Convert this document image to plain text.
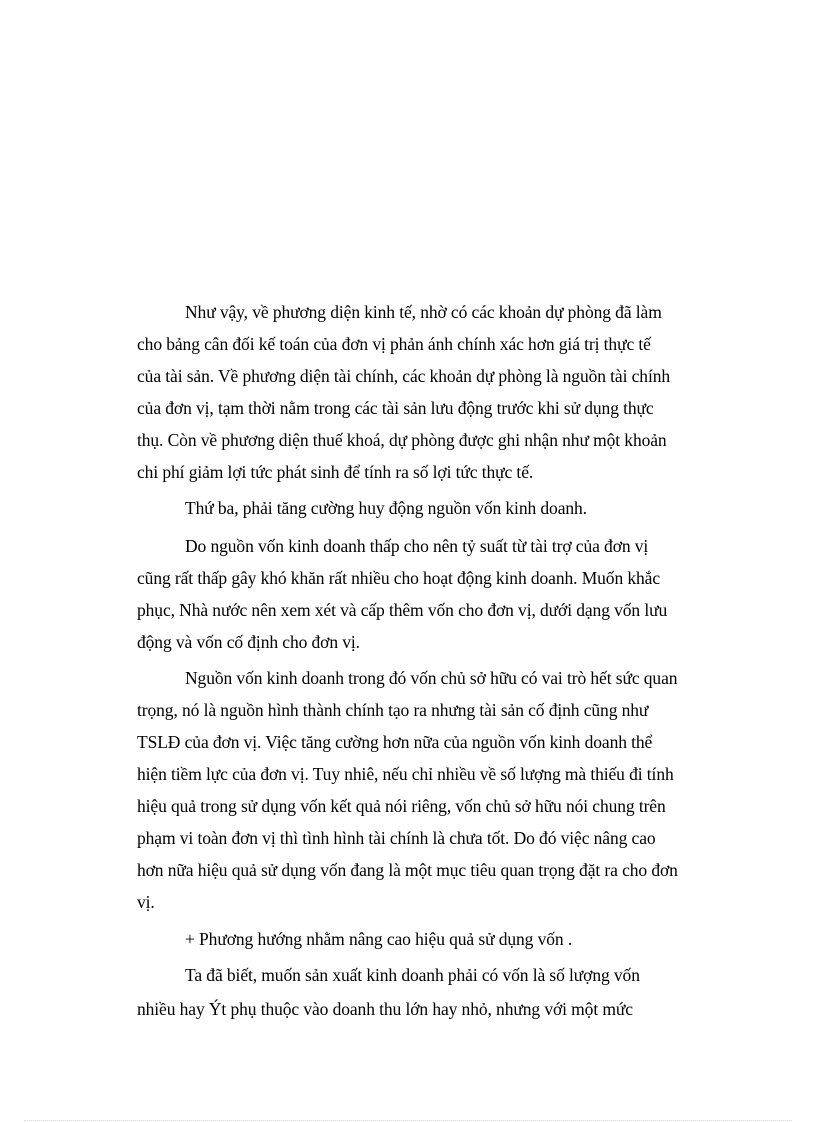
Như vậy, về phương diện kinh tế, nhờ có các khoản dự phòng đã làm
cho bảng cân đối kế toán của đơn vị phản ánh chính xác hơn giá trị thực tế
của tài sản. Về phương diện tài chính, các khoản dự phòng là nguồn tài chính
của đơn vị, tạm thời nằm trong các tài sản lưu động trước khi sử dụng thực
thụ. Còn về phương diện thuế khoá, dự phòng được ghi nhận như một khoản
chi phí giảm lợi tức phát sinh để tính ra số lợi tức thực tế.
Thứ ba, phải tăng cường huy động nguồn vốn kinh doanh.
Do nguồn vốn kinh doanh thấp cho nên tỷ suất từ tài trợ của đơn vị
cũng rất thấp gây khó khăn rất nhiều cho hoạt động kinh doanh. Muốn khắc
phục, Nhà nước nên xem xét và cấp thêm vốn cho đơn vị, dưới dạng vốn lưu
động và vốn cố định cho đơn vị.
Nguồn vốn kinh doanh trong đó vốn chủ sở hữu có vai trò hết sức quan
trọng, nó là nguồn hình thành chính tạo ra nhưng tài sản cố định cũng như
TSLĐ của đơn vị. Việc tăng cường hơn nữa của nguồn vốn kinh doanh thể
hiện tiềm lực của đơn vị. Tuy nhiê, nếu chỉ nhiều về số lượng mà thiếu đi tính
hiệu quả trong sử dụng vốn kết quả nói riêng, vốn chủ sở hữu nói chung trên
phạm vi toàn đơn vị thì tình hình tài chính là chưa tốt. Do đó việc nâng cao
hơn nữa hiệu quả sử dụng vốn đang là một mục tiêu quan trọng đặt ra cho đơn
vị.
+ Phương hướng nhằm nâng cao hiệu quả sử dụng vốn .
Ta đã biết, muốn sản xuất kinh doanh phải có vốn là số lượng vốn
nhiều hay Ýt phụ thuộc vào doanh thu lớn hay nhỏ, nhưng với một mức
